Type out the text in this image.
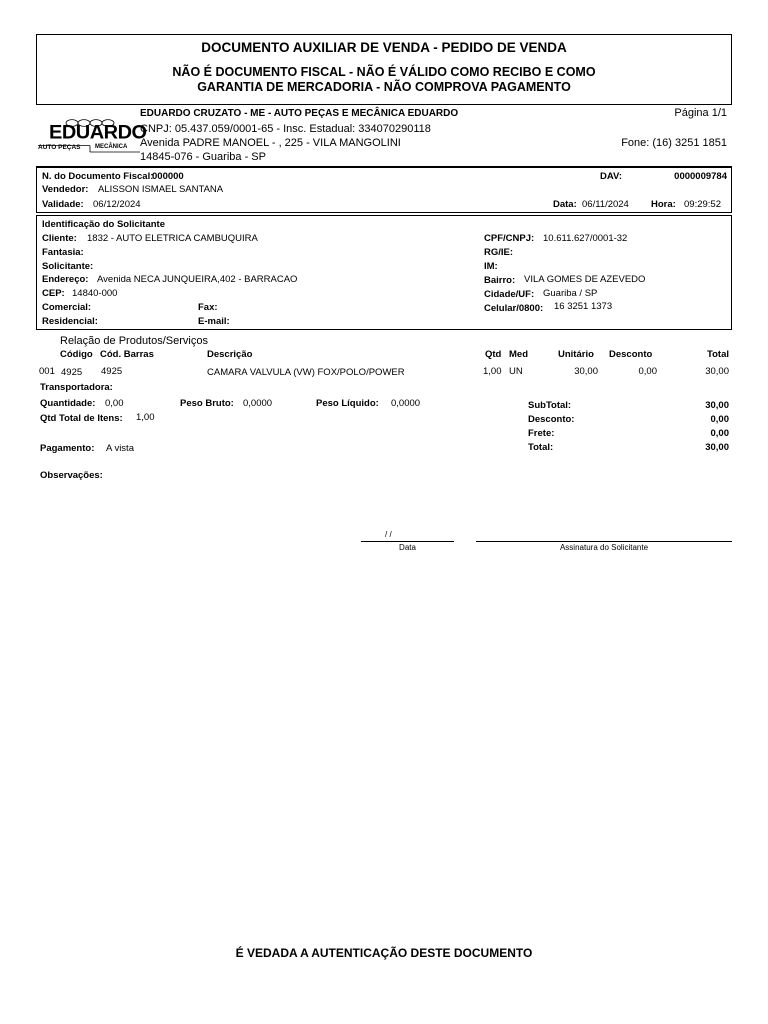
DOCUMENTO AUXILIAR DE VENDA - PEDIDO DE VENDA
NÃO É DOCUMENTO FISCAL - NÃO É VÁLIDO COMO RECIBO E COMO
GARANTIA DE MERCADORIA - NÃO COMPROVA PAGAMENTO
EDUARDO
AUTO PEÇAS MECÂNICA
EDUARDO CRUZATO - ME - AUTO PEÇAS E MECÂNICA EDUARDO	Página 1/1
CNPJ: 05.437.059/0001-65 - Insc. Estadual: 334070290118
Avenida PADRE MANOEL - , 225 - VILA MANGOLINI	Fone: (16) 3251 1851
14845-076 - Guariba - SP
N. do Documento Fiscal:
000000	DAV:	0000009784
Vendedor: ALISSON ISMAEL SANTANA
Validade: 06/12/2024	Data: 06/11/2024 Hora: 09:29:52
Identificação do Solicitante
Cliente: 1832 - AUTO ELETRICA CAMBUQUIRA	CPF/CNPJ: 10.611.627/0001-32
Fantasia:	RG/IE:
Solicitante:	IM:
Endereço: Avenida NECA JUNQUEIRA,402 - BARRACAO	Bairro: VILA GOMES DE AZEVEDO
CEP: 14840-000	Cidade/UF: Guariba / SP
Comercial:	Fax:	Celular/0800: 16 3251 1373
Residencial:	E-mail:
Relação de Produtos/Serviços
Código Cód. Barras	Descrição	Qtd Med	Unitário Desconto	Total
001 4925 4925	CAMARA VALVULA (VW) FOX/POLO/POWER	1,00 UN	30,00	0,00	30,00
Transportadora:
Quantidade: 0,00	Peso Bruto: 0,0000	Peso Líquido: 0,0000
Qtd Total de Itens: 1,00
SubTotal:	30,00
Desconto:	0,00
Frete:	0,00
Total:	30,00
Pagamento: A vista
Observações:
/ /
Data	Assinatura do Solicitante
É VEDADA A AUTENTICAÇÃO DESTE DOCUMENTO
